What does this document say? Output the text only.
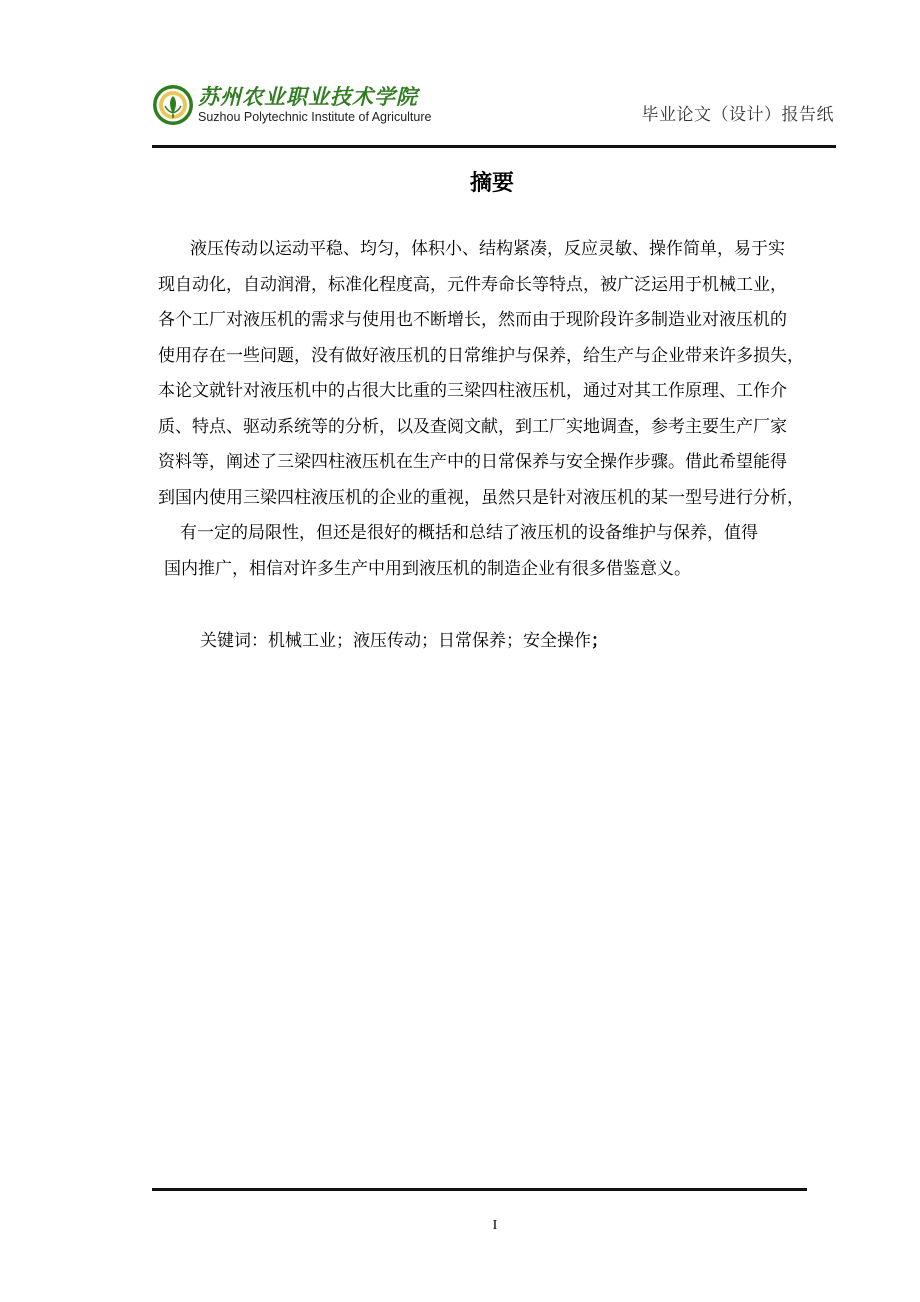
苏州农业职业技术学院
Suzhou Polytechnic Institute of Agriculture	毕业论文（设计）报告纸
摘要
液压传动以运动平稳、均匀，体积小、结构紧凑，反应灵敏、操作简单，易于实
现自动化，自动润滑，标准化程度高，元件寿命长等特点，被广泛运用于机械工业，
各个工厂对液压机的需求与使用也不断增长，然而由于现阶段许多制造业对液压机的
使用存在一些问题，没有做好液压机的日常维护与保养，给生产与企业带来许多损失，
本论文就针对液压机中的占很大比重的三梁四柱液压机，通过对其工作原理、工作介
质、特点、驱动系统等的分析，以及查阅文献，到工厂实地调查，参考主要生产厂家
资料等，阐述了三梁四柱液压机在生产中的日常保养与安全操作步骤。借此希望能得
到国内使用三梁四柱液压机的企业的重视，虽然只是针对液压机的某一型号进行分析，
有一定的局限性，但还是很好的概括和总结了液压机的设备维护与保养，值得
国内推广，相信对许多生产中用到液压机的制造企业有很多借鉴意义。
关键词：机械工业；液压传动；日常保养；安全操作；
I
